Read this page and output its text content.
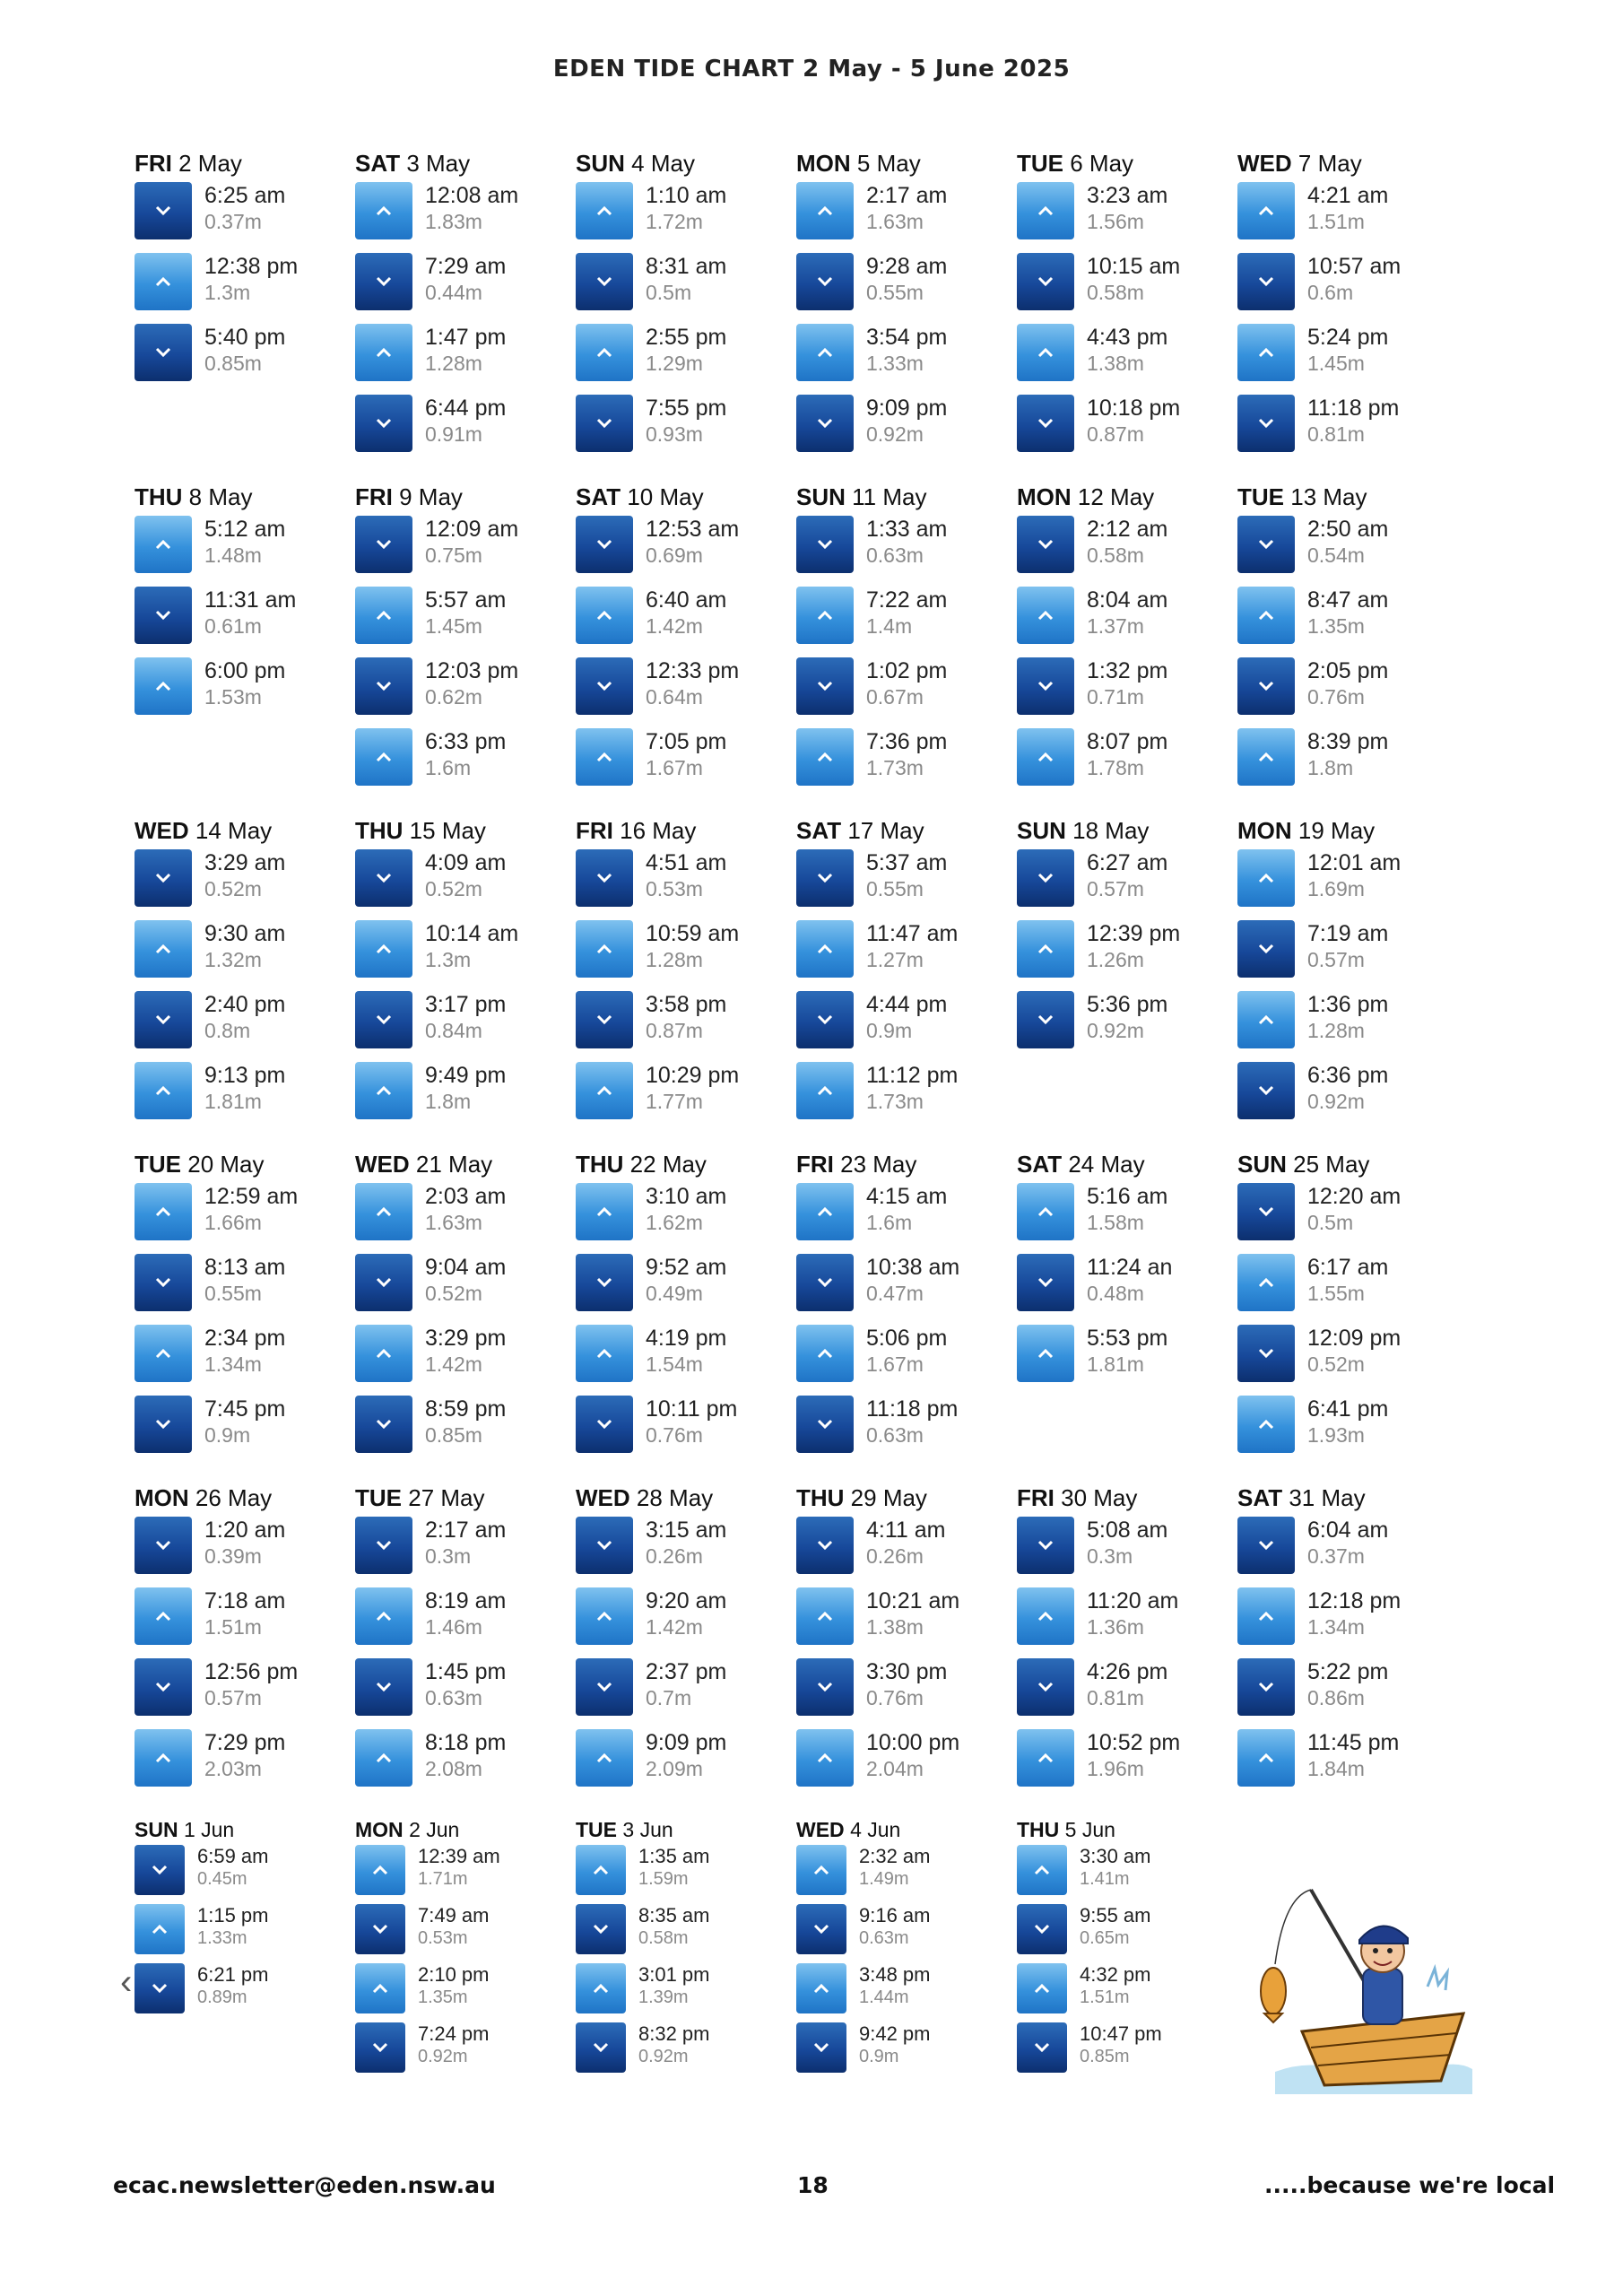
EDEN TIDE CHART 2 May - 5 June 2025
FRI 2 May
6:25 am
0.37m
12:38 pm
1.3m
5:40 pm
0.85m
SAT 3 May
12:08 am
1.83m
7:29 am
0.44m
1:47 pm
1.28m
6:44 pm
0.91m
SUN 4 May
1:10 am
1.72m
8:31 am
0.5m
2:55 pm
1.29m
7:55 pm
0.93m
MON 5 May
2:17 am
1.63m
9:28 am
0.55m
3:54 pm
1.33m
9:09 pm
0.92m
TUE 6 May
3:23 am
1.56m
10:15 am
0.58m
4:43 pm
1.38m
10:18 pm
0.87m
WED 7 May
4:21 am
1.51m
10:57 am
0.6m
5:24 pm
1.45m
11:18 pm
0.81m
THU 8 May
5:12 am
1.48m
11:31 am
0.61m
6:00 pm
1.53m
FRI 9 May
12:09 am
0.75m
5:57 am
1.45m
12:03 pm
0.62m
6:33 pm
1.6m
SAT 10 May
12:53 am
0.69m
6:40 am
1.42m
12:33 pm
0.64m
7:05 pm
1.67m
SUN 11 May
1:33 am
0.63m
7:22 am
1.4m
1:02 pm
0.67m
7:36 pm
1.73m
MON 12 May
2:12 am
0.58m
8:04 am
1.37m
1:32 pm
0.71m
8:07 pm
1.78m
TUE 13 May
2:50 am
0.54m
8:47 am
1.35m
2:05 pm
0.76m
8:39 pm
1.8m
WED 14 May
3:29 am
0.52m
9:30 am
1.32m
2:40 pm
0.8m
9:13 pm
1.81m
THU 15 May
4:09 am
0.52m
10:14 am
1.3m
3:17 pm
0.84m
9:49 pm
1.8m
FRI 16 May
4:51 am
0.53m
10:59 am
1.28m
3:58 pm
0.87m
10:29 pm
1.77m
SAT 17 May
5:37 am
0.55m
11:47 am
1.27m
4:44 pm
0.9m
11:12 pm
1.73m
SUN 18 May
6:27 am
0.57m
12:39 pm
1.26m
5:36 pm
0.92m
MON 19 May
12:01 am
1.69m
7:19 am
0.57m
1:36 pm
1.28m
6:36 pm
0.92m
TUE 20 May
12:59 am
1.66m
8:13 am
0.55m
2:34 pm
1.34m
7:45 pm
0.9m
WED 21 May
2:03 am
1.63m
9:04 am
0.52m
3:29 pm
1.42m
8:59 pm
0.85m
THU 22 May
3:10 am
1.62m
9:52 am
0.49m
4:19 pm
1.54m
10:11 pm
0.76m
FRI 23 May
4:15 am
1.6m
10:38 am
0.47m
5:06 pm
1.67m
11:18 pm
0.63m
SAT 24 May
5:16 am
1.58m
11:24 an
0.48m
5:53 pm
1.81m
SUN 25 May
12:20 am
0.5m
6:17 am
1.55m
12:09 pm
0.52m
6:41 pm
1.93m
MON 26 May
1:20 am
0.39m
7:18 am
1.51m
12:56 pm
0.57m
7:29 pm
2.03m
TUE 27 May
2:17 am
0.3m
8:19 am
1.46m
1:45 pm
0.63m
8:18 pm
2.08m
WED 28 May
3:15 am
0.26m
9:20 am
1.42m
2:37 pm
0.7m
9:09 pm
2.09m
THU 29 May
4:11 am
0.26m
10:21 am
1.38m
3:30 pm
0.76m
10:00 pm
2.04m
FRI 30 May
5:08 am
0.3m
11:20 am
1.36m
4:26 pm
0.81m
10:52 pm
1.96m
SAT 31 May
6:04 am
0.37m
12:18 pm
1.34m
5:22 pm
0.86m
11:45 pm
1.84m
SUN 1 Jun
6:59 am
0.45m
1:15 pm
1.33m
6:21 pm
0.89m
MON 2 Jun
12:39 am
1.71m
7:49 am
0.53m
2:10 pm
1.35m
7:24 pm
0.92m
TUE 3 Jun
1:35 am
1.59m
8:35 am
0.58m
3:01 pm
1.39m
8:32 pm
0.92m
WED 4 Jun
2:32 am
1.49m
9:16 am
0.63m
3:48 pm
1.44m
9:42 pm
0.9m
THU 5 Jun
3:30 am
1.41m
9:55 am
0.65m
4:32 pm
1.51m
10:47 pm
0.85m
‹
ecac.newsletter@eden.nsw.au	18	.....because we're local
